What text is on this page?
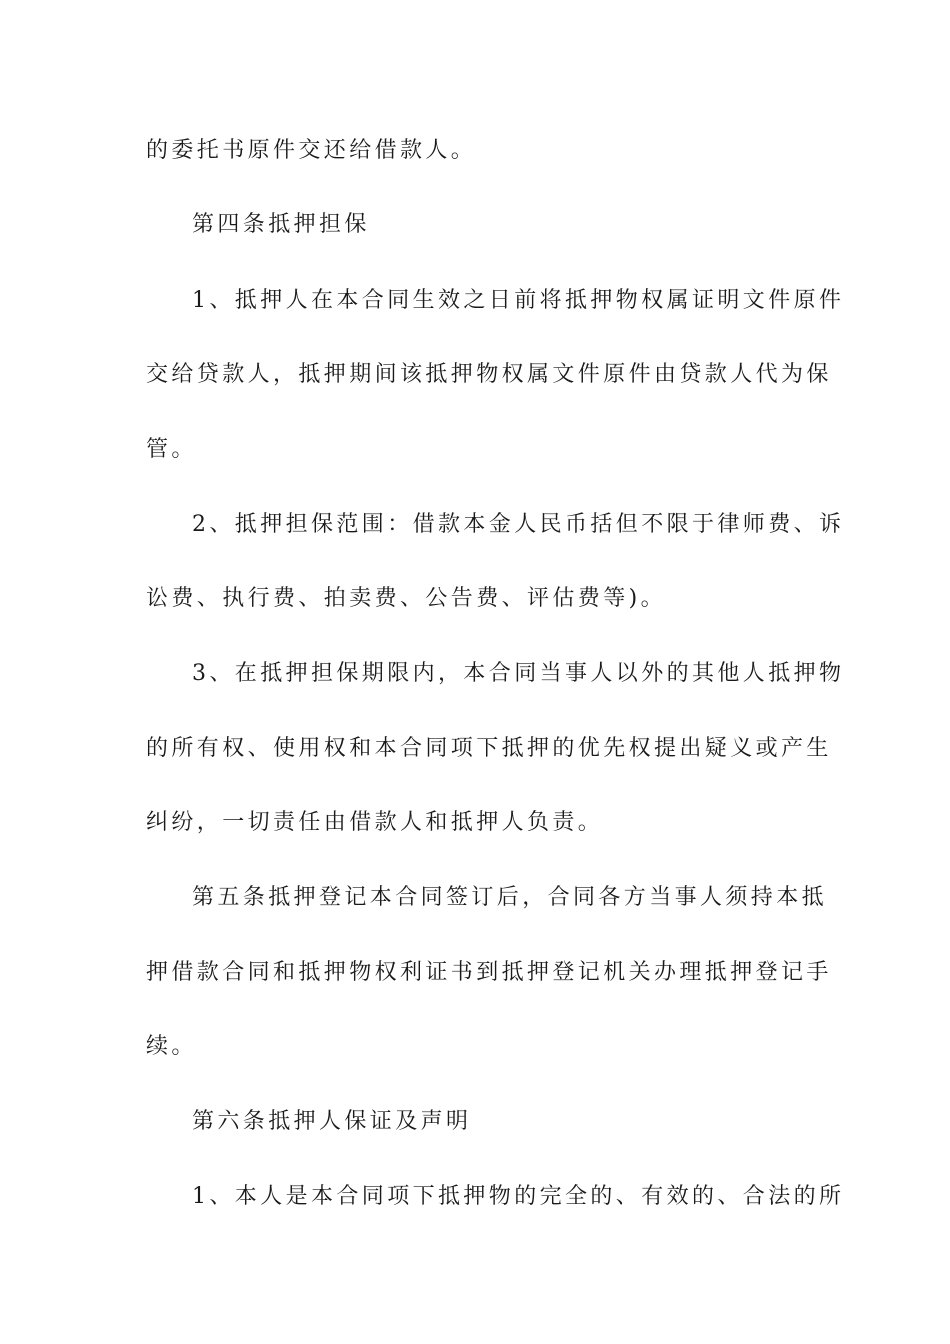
的委托书原件交还给借款人。
第四条抵押担保
1、抵押人在本合同生效之日前将抵押物权属证明文件原件
交给贷款人，抵押期间该抵押物权属文件原件由贷款人代为保
管。
2、抵押担保范围：借款本金人民币括但不限于律师费、诉
讼费、执行费、拍卖费、公告费、评估费等)。
3、在抵押担保期限内，本合同当事人以外的其他人抵押物
的所有权、使用权和本合同项下抵押的优先权提出疑义或产生
纠纷，一切责任由借款人和抵押人负责。
第五条抵押登记本合同签订后，合同各方当事人须持本抵
押借款合同和抵押物权利证书到抵押登记机关办理抵押登记手
续。
第六条抵押人保证及声明
1、本人是本合同项下抵押物的完全的、有效的、合法的所
